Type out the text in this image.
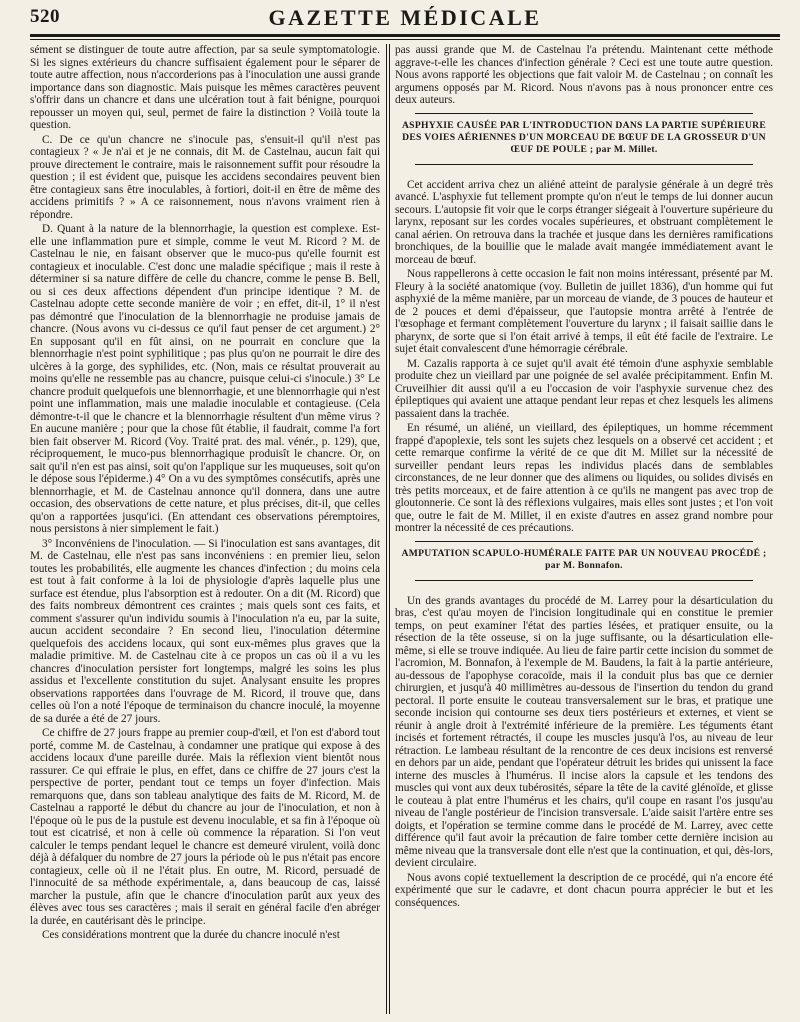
520	GAZETTE MÉDICALE

sément se distinguer de toute autre affection, par sa seule symptomatologie. Si les signes extérieurs du chancre suffisaient également pour le séparer de toute autre affection, nous n'accorderions pas à l'inoculation une aussi grande importance dans son diagnostic. Mais puisque les mêmes caractères peuvent s'offrir dans un chancre et dans une ulcération tout à fait bénigne, pourquoi repousser un moyen qui, seul, permet de faire la distinction ? Voilà toute la question.

C. De ce qu'un chancre ne s'inocule pas, s'ensuit-il qu'il n'est pas contagieux ? « Je n'ai et je ne connais, dit M. de Castelnau, aucun fait qui prouve directement le contraire, mais le raisonnement suffit pour résoudre la question ; il est évident que, puisque les accidens secondaires peuvent bien être contagieux sans être inoculables, à fortiori, doit-il en être de même des accidens primitifs ? » A ce raisonnement, nous n'avons vraiment rien à répondre.

D. Quant à la nature de la blennorrhagie, la question est complexe. Est-elle une inflammation pure et simple, comme le veut M. Ricord ? M. de Castelnau le nie, en faisant observer que le muco-pus qu'elle fournit est contagieux et inoculable. C'est donc une maladie spécifique ; mais il reste à déterminer si sa nature diffère de celle du chancre, comme le pense B. Bell, ou si ces deux affections dépendent d'un principe identique ? M. de Castelnau adopte cette seconde manière de voir ; en effet, dit-il, 1° il n'est pas démontré que l'inoculation de la blennorrhagie ne produise jamais de chancre. (Nous avons vu ci-dessus ce qu'il faut penser de cet argument.) 2° En supposant qu'il en fût ainsi, on ne pourrait en conclure que la blennorrhagie n'est point syphilitique ; pas plus qu'on ne pourrait le dire des ulcères à la gorge, des syphilides, etc. (Non, mais ce résultat prouverait au moins qu'elle ne ressemble pas au chancre, puisque celui-ci s'inocule.) 3° Le chancre produit quelquefois une blennorrhagie, et une blennorrhagie qui n'est point une inflammation, mais une maladie inoculable et contagieuse. (Cela démontre-t-il que le chancre et la blennorrhagie résultent d'un même virus ? En aucune manière ; pour que la chose fût établie, il faudrait, comme l'a fort bien fait observer M. Ricord (Voy. Traité prat. des mal. vénér., p. 129), que, réciproquement, le muco-pus blennorrhagique produisît le chancre. Or, on sait qu'il n'en est pas ainsi, soit qu'on l'applique sur les muqueuses, soit qu'on le dépose sous l'épiderme.) 4° On a vu des symptômes consécutifs, après une blennorrhagie, et M. de Castelnau annonce qu'il donnera, dans une autre occasion, des observations de cette nature, et plus précises, dit-il, que celles qu'on a rapportées jusqu'ici. (En attendant ces observations péremptoires, nous persistons à nier simplement le fait.)

3° Inconvéniens de l'inoculation. — Si l'inoculation est sans avantages, dit M. de Castelnau, elle n'est pas sans inconvéniens : en premier lieu, selon toutes les probabilités, elle augmente les chances d'infection ; du moins cela est tout à fait conforme à la loi de physiologie d'après laquelle plus une surface est étendue, plus l'absorption est à redouter. On a dit (M. Ricord) que des faits nombreux démontrent ces craintes ; mais quels sont ces faits, et comment s'assurer qu'un individu soumis à l'inoculation n'a eu, par la suite, aucun accident secondaire ? En second lieu, l'inoculation détermine quelquefois des accidens locaux, qui sont eux-mêmes plus graves que la maladie primitive. M. de Castelnau cite à ce propos un cas où il a vu les chancres d'inoculation persister fort longtemps, malgré les soins les plus assidus et l'excellente constitution du sujet. Analysant ensuite les propres observations rapportées dans l'ouvrage de M. Ricord, il trouve que, dans celles où l'on a noté l'époque de terminaison du chancre inoculé, la moyenne de sa durée a été de 27 jours.

Ce chiffre de 27 jours frappe au premier coup-d'œil, et l'on est d'abord tout porté, comme M. de Castelnau, à condamner une pratique qui expose à des accidens locaux d'une pareille durée. Mais la réflexion vient bientôt nous rassurer. Ce qui effraie le plus, en effet, dans ce chiffre de 27 jours c'est la perspective de porter, pendant tout ce temps un foyer d'infection. Mais remarquons que, dans son tableau analytique des faits de M. Ricord, M. de Castelnau a rapporté le début du chancre au jour de l'inoculation, et non à l'époque où le pus de la pustule est devenu inoculable, et sa fin à l'époque où tout est cicatrisé, et non à celle où commence la réparation. Si l'on veut calculer le temps pendant lequel le chancre est demeuré virulent, voilà donc déjà à défalquer du nombre de 27 jours la période où le pus n'était pas encore contagieux, celle où il ne l'était plus. En outre, M. Ricord, persuadé de l'innocuité de sa méthode expérimentale, a, dans beaucoup de cas, laissé marcher la pustule, afin que le chancre d'inoculation parût aux yeux des élèves avec tous ses caractères ; mais il serait en général facile d'en abréger la durée, en cautérisant dès le principe.

Ces considérations montrent que la durée du chancre inoculé n'est

pas aussi grande que M. de Castelnau l'a prétendu. Maintenant cette méthode aggrave-t-elle les chances d'infection générale ? Ceci est une toute autre question. Nous avons rapporté les objections que fait valoir M. de Castelnau ; on connaît les argumens opposés par M. Ricord. Nous n'avons pas à nous prononcer entre ces deux auteurs.

ASPHYXIE CAUSÉE PAR L'INTRODUCTION DANS LA PARTIE SUPÉRIEURE DES VOIES AÉRIENNES D'UN MORCEAU DE BŒUF DE LA GROSSEUR D'UN ŒUF DE POULE ; par M. Millet.

Cet accident arriva chez un aliéné atteint de paralysie générale à un degré très avancé. L'asphyxie fut tellement prompte qu'on n'eut le temps de lui donner aucun secours. L'autopsie fit voir que le corps étranger siégeait à l'ouverture supérieure du larynx, reposant sur les cordes vocales supérieures, et obstruant complètement le canal aérien. On retrouva dans la trachée et jusque dans les dernières ramifications bronchiques, de la bouillie que le malade avait mangée immédiatement avant le morceau de bœuf.

Nous rappellerons à cette occasion le fait non moins intéressant, présenté par M. Fleury à la société anatomique (voy. Bulletin de juillet 1836), d'un homme qui fut asphyxié de la même manière, par un morceau de viande, de 3 pouces de hauteur et de 2 pouces et demi d'épaisseur, que l'autopsie montra arrêté à l'entrée de l'œsophage et fermant complètement l'ouverture du larynx ; il faisait saillie dans le pharynx, de sorte que si l'on était arrivé à temps, il eût été facile de l'extraire. Le sujet était convalescent d'une hémorragie cérébrale.

M. Cazalis rapporta à ce sujet qu'il avait été témoin d'une asphyxie semblable produite chez un vieillard par une poignée de sel avalée précipitamment. Enfin M. Cruveilhier dit aussi qu'il a eu l'occasion de voir l'asphyxie survenue chez des épileptiques qui avaient une attaque pendant leur repas et chez lesquels les alimens passaient dans la trachée.

En résumé, un aliéné, un vieillard, des épileptiques, un homme récemment frappé d'apoplexie, tels sont les sujets chez lesquels on a observé cet accident ; et cette remarque confirme la vérité de ce que dit M. Millet sur la nécessité de surveiller pendant leurs repas les individus placés dans de semblables circonstances, de ne leur donner que des alimens ou liquides, ou solides divisés en très petits morceaux, et de faire attention à ce qu'ils ne mangent pas avec trop de gloutonnerie. Ce sont là des réflexions vulgaires, mais elles sont justes ; et l'on voit que, outre le fait de M. Millet, il en existe d'autres en assez grand nombre pour montrer la nécessité de ces précautions.

AMPUTATION SCAPULO-HUMÉRALE FAITE PAR UN NOUVEAU PROCÉDÉ ; par M. Bonnafon.

Un des grands avantages du procédé de M. Larrey pour la désarticulation du bras, c'est qu'au moyen de l'incision longitudinale qui en constitue le premier temps, on peut examiner l'état des parties lésées, et pratiquer ensuite, ou la résection de la tête osseuse, si on la juge suffisante, ou la désarticulation elle-même, si elle se trouve indiquée. Au lieu de faire partir cette incision du sommet de l'acromion, M. Bonnafon, à l'exemple de M. Baudens, la fait à la partie antérieure, au-dessous de l'apophyse coracoïde, mais il la conduit plus bas que ce dernier chirurgien, et jusqu'à 40 millimètres au-dessous de l'insertion du tendon du grand pectoral. Il porte ensuite le couteau transversalement sur le bras, et pratique une seconde incision qui contourne ses deux tiers postérieurs et externes, et vient se réunir à angle droit à l'extrémité inférieure de la première. Les téguments étant incisés et fortement rétractés, il coupe les muscles jusqu'à l'os, au niveau de leur rétraction. Le lambeau résultant de la rencontre de ces deux incisions est renversé en dehors par un aide, pendant que l'opérateur détruit les brides qui unissent la face interne des muscles à l'humérus. Il incise alors la capsule et les tendons des muscles qui vont aux deux tubérosités, sépare la tête de la cavité glénoïde, et glisse le couteau à plat entre l'humérus et les chairs, qu'il coupe en rasant l'os jusqu'au niveau de l'angle postérieur de l'incision transversale. L'aide saisit l'artère entre ses doigts, et l'opération se termine comme dans le procédé de M. Larrey, avec cette différence qu'il faut avoir la précaution de faire tomber cette dernière incision au même niveau que la transversale dont elle n'est que la continuation, et qui, dès-lors, devient circulaire.

Nous avons copié textuellement la description de ce procédé, qui n'a encore été expérimenté que sur le cadavre, et dont chacun pourra apprécier le but et les conséquences.
